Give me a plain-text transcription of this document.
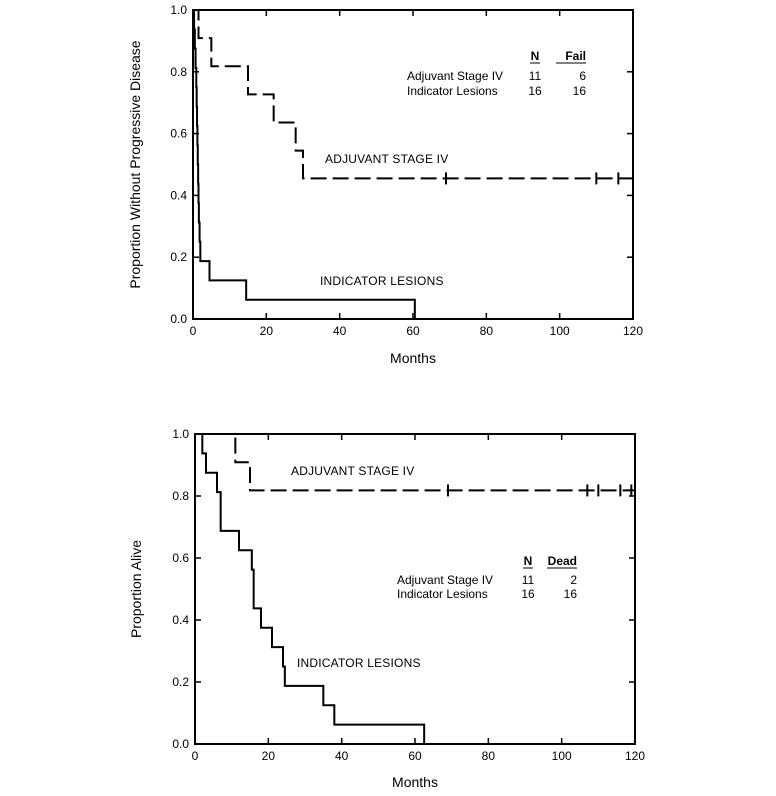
0	20	40	60	80	100	120
0.0
0.2
0.4
0.6
0.8
1.0
Months
Proportion Without Progressive Disease	ADJUVANT STAGE IV
INDICATOR LESIONS
N Fail
Adjuvant Stage IV 11	6
Indicator Lesions	16	16
0	20	40	60	80	100	120
0.0
0.2
0.4
0.6
0.8
1.0
Months
Proportion Alive
ADJUVANT STAGE IV
INDICATOR LESIONS
N Dead
Adjuvant Stage IV 11	2
Indicator Lesions	16 16
